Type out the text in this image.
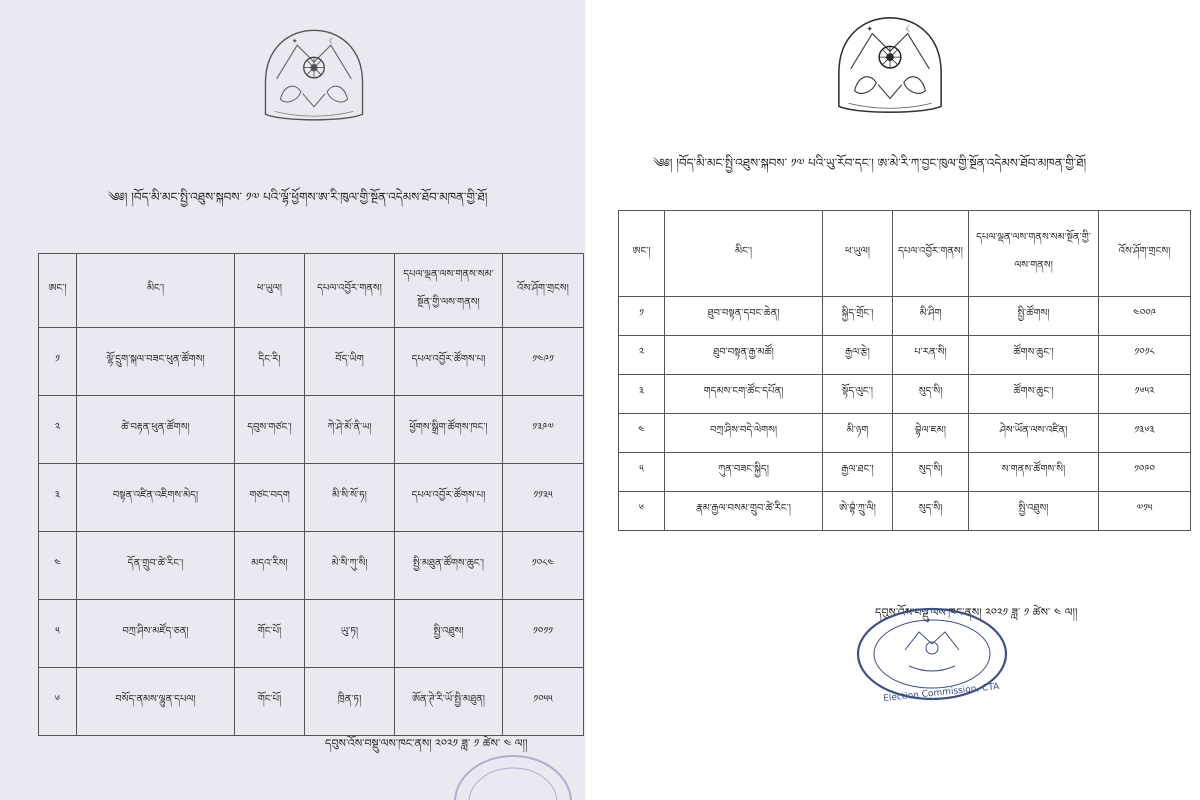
✦	☾
༄༅། །བོད་མི་མང་སྤྱི་འཐུས་སྐབས་ ༡༧ པའི་ལྷོ་ཕྱོགས་ཨ་རི་ཁུལ་གྱི་སྔོན་འདེམས་ཐོབ་མཁན་གྱི་ཐོ།
ཨང་།	མིང་།	ཕ་ཡུལ།	དཔལ་འབྱོར་གནས།	དཔལ་ལྡན་ལས་གནས་སམ་སྔོན་གྱི་ལས་གནས།	འོས་ཤོག་གྲངས།
༡	ལྷོ་དྲུག་སྐལ་བཟང་ཕུན་ཚོགས།	དིང་རི།	བོད་ཡིག	དཔལ་འབྱོར་ཚོགས་པ།	༡༤༩༡
༢	ཚེ་བརྟན་ཕུན་ཚོགས།	དབུས་གཙང་།	ཀེ་ཤེ་མོ་ནི་ཡ།	ཕྱོགས་སྒྲིག་ཚོགས་ཁང་།	༡༣༩༧
༣	བསྟན་འཛིན་འཇིགས་མེད།	གཙང་བདག	མི་སི་སོ་ཏ།	དཔལ་འབྱོར་ཚོགས་པ།	༡༡༣༥
༤	དོན་གྲུབ་ཚེ་རིང་།	མདའ་རིས།	མེ་སི་ཀུ་སི།	སྤྱི་མཐུན་ཚོགས་ཆུང་།	༡༠༨༤
༥	བཀྲ་ཤིས་མཛོད་ཅན།	གོང་པོ།	ཡུ་ཏ།	སྤྱི་འཐུས།	༡༠༡༡
༦	བསོད་ནམས་ལྷུན་དཔལ།	གོང་པོ།	ཁྲིན་ཏ།	ཨོན་ཊེ་རི་ཡོ་སྤྱི་མཐུན།	༡༠༥༥
དབུས་འོས་བསྡུ་ལས་ཁང་ནས། ༢༠༢༡ ཟླ་ ༡ ཚེས་ ༤ ལ།།
✦	☾
༄༅། །བོད་མི་མང་སྤྱི་འཐུས་སྐབས་ ༡༧ པའི་ཡུ་རོབ་དང་། ཨ་མེ་རི་ཀ་བྱང་ཁུལ་གྱི་སྔོན་འདེམས་ཐོབ་མཁན་གྱི་ཐོ།
ཨང་།	མིང་།	ཕ་ཡུལ།	དཔལ་འབྱོར་གནས།	དཔལ་ལྡན་ལས་གནས་སམ་སྔོན་གྱི་ལས་གནས།	འོས་ཤོག་གྲངས།
༡	ཐུབ་བསྟན་དབང་ཆེན།	སྐྱིད་གྲོང་།	མི་ཤིག	སྤྱི་ཚོགས།	༤༠༠༩
༢	ཐུབ་བསྟན་རྒྱ་མཚོ།	རྒྱལ་རྩེ།	པ་རན་སི།	ཚོགས་ཆུང་།	༡༠༡༨
༣	གདམས་ངག་ཚོང་དཔོན།	སྟོད་ལུང་།	སུད་སི།	ཚོགས་ཆུང་།	༡༦༥༢
༤	བཀྲ་ཤིས་བདེ་ལེགས།	མི་ཉག	བྷེལ་ཇམ།	ཤེས་ཡོན་ལས་འཛིན།	༡༣༦༣
༥	ཀུན་བཟང་སྐྱིད།	རྒྱལ་ཐང་།	སུད་སི།	ས་གནས་ཚོགས་སི།	༡༠༩༠
༦	རྣམ་རྒྱལ་བསམ་གྲུབ་ཚེ་རིང་།	ཨེ་བྷཾ་ཀྲུ་ལི།	སུད་སི།	སྤྱི་འཐུས།	༧༡༥
དབུས་འོས་བསྡུ་ལས་ཁང་ནས། ༢༠༢༡ ཟླ་ ༡ ཚེས་ ༤ ལ།།
Election Commission, CTA
